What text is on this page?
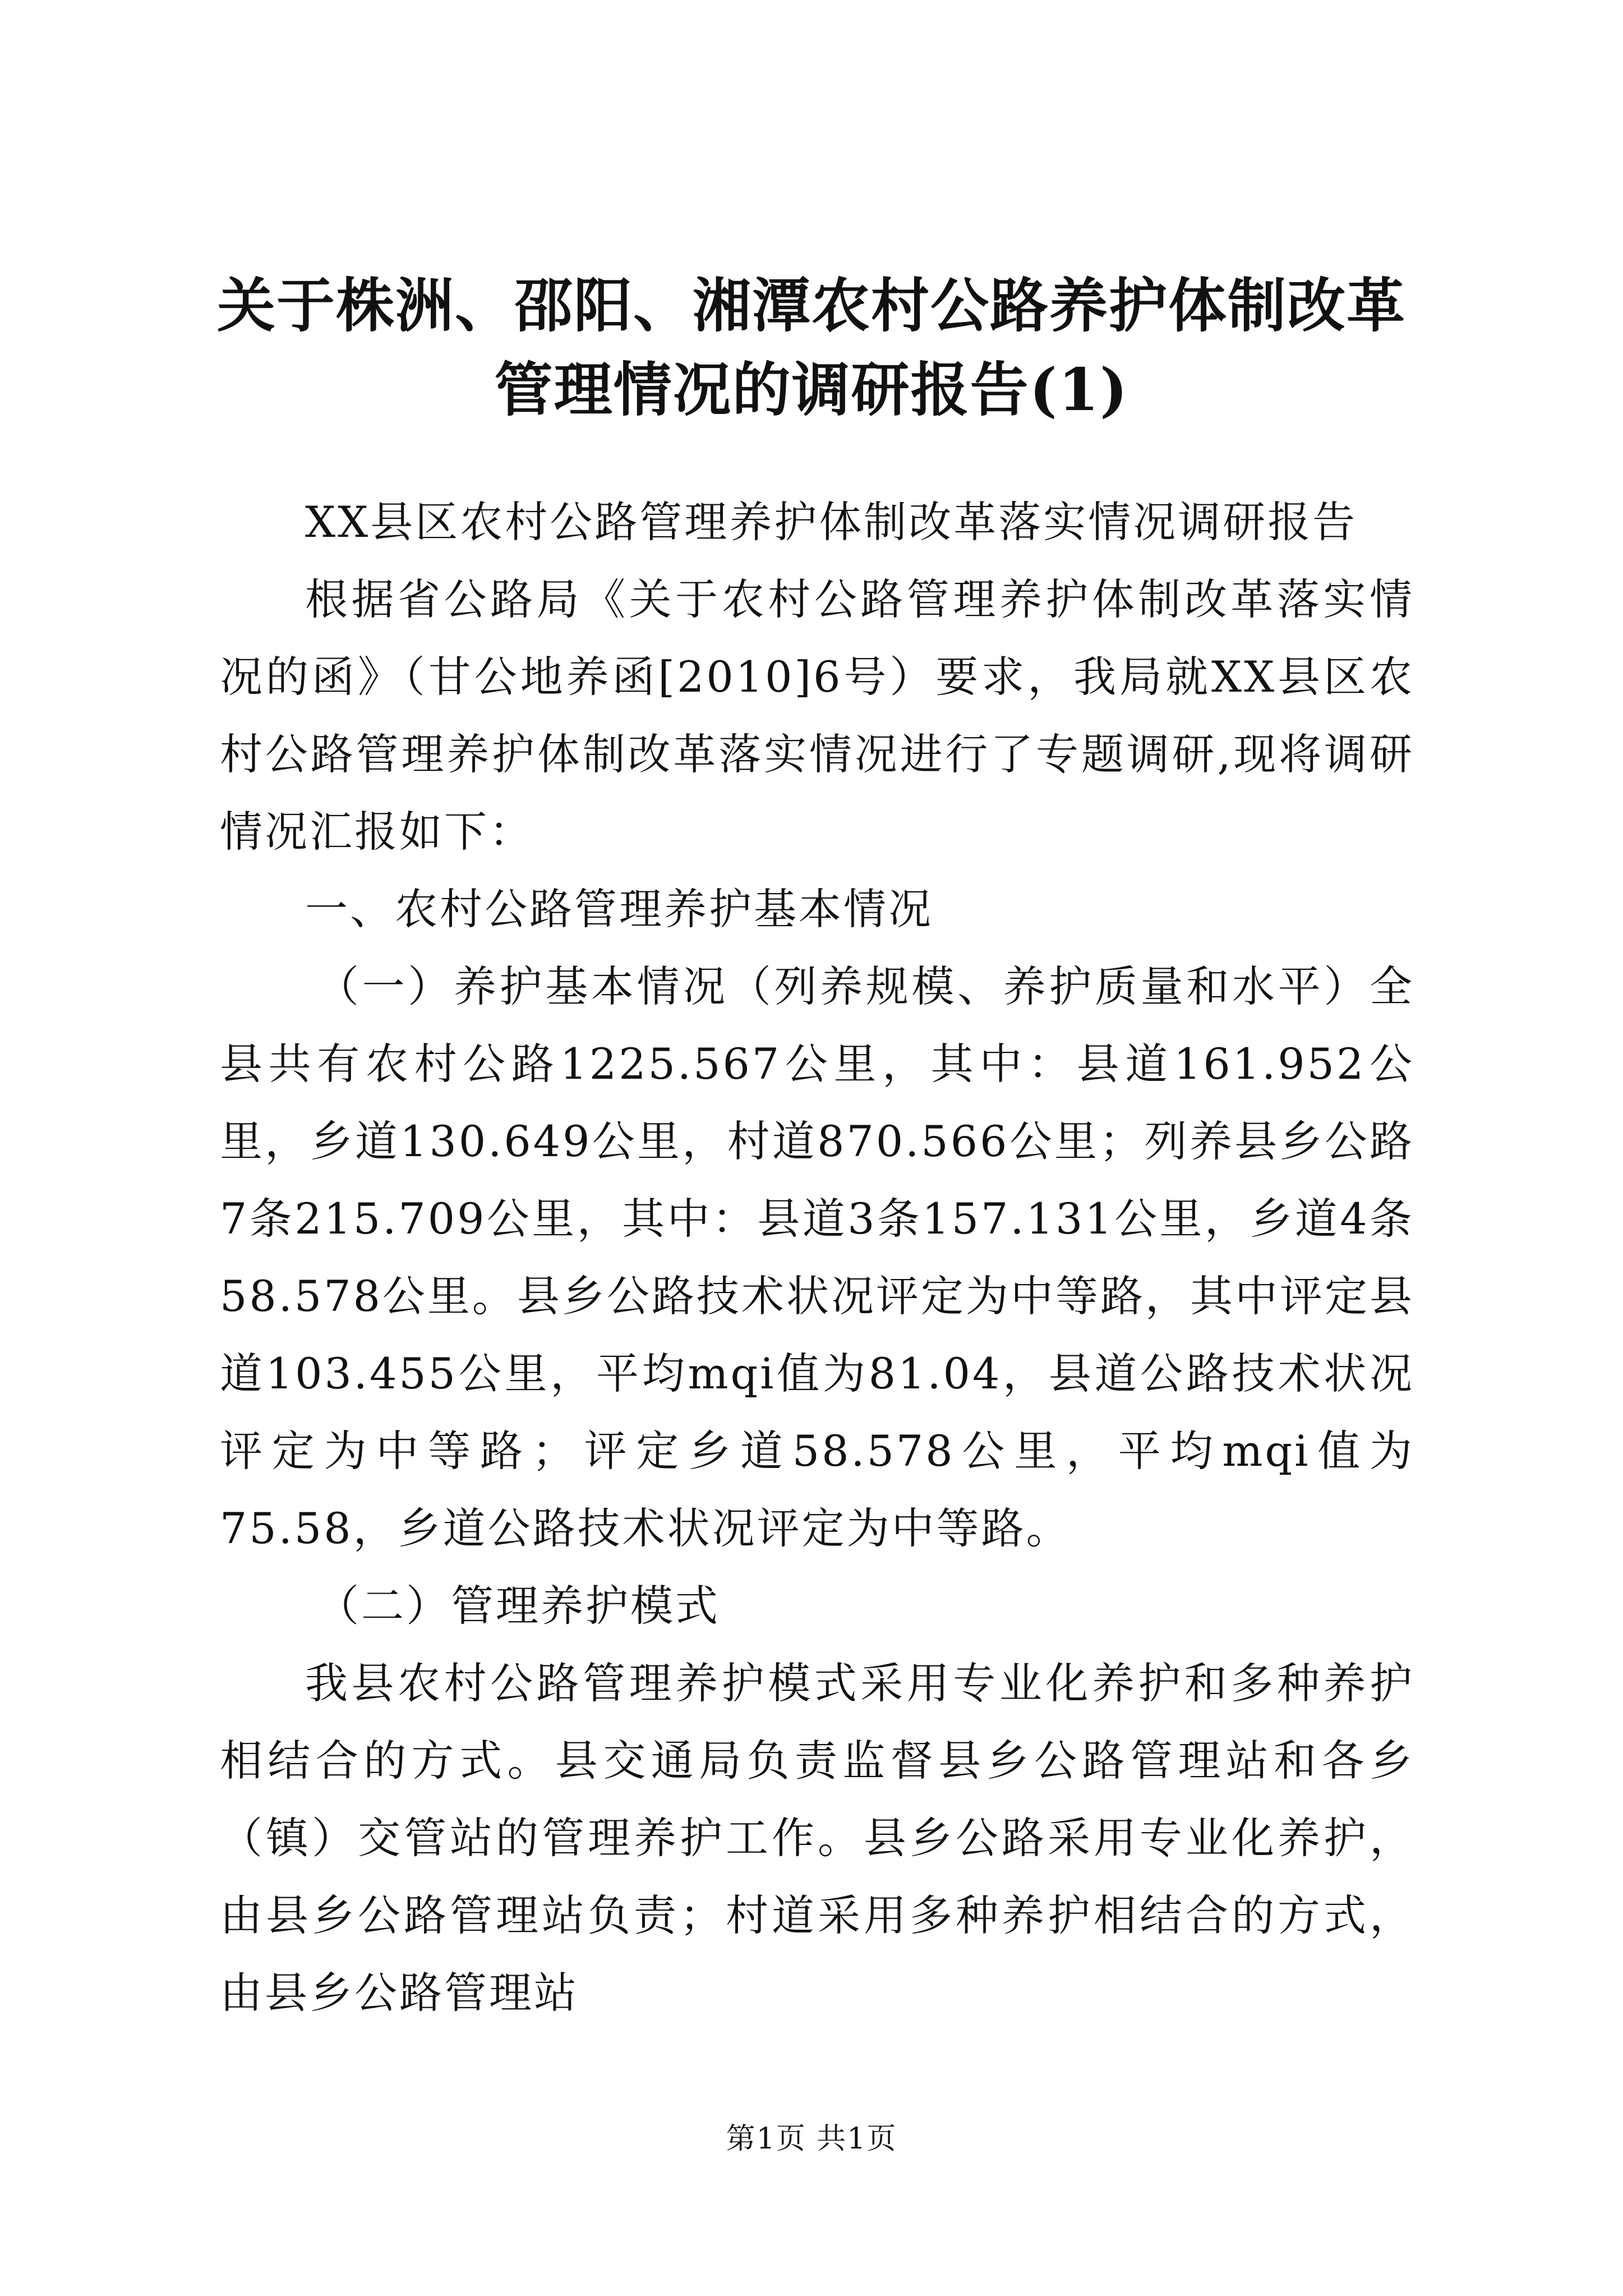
关于株洲、邵阳、湘潭农村公路养护体制改革
管理情况的调研报告(1)

XX县区农村公路管理养护体制改革落实情况调研报告

根据省公路局《关于农村公路管理养护体制改革落实情况的函》（甘公地养函[2010]6号）要求，我局就XX县区农村公路管理养护体制改革落实情况进行了专题调研,现将调研情况汇报如下：

一、农村公路管理养护基本情况

（一）养护基本情况（列养规模、养护质量和水平）全县共有农村公路1225.567公里，其中：县道161.952公里，乡道130.649公里，村道870.566公里；列养县乡公路7条215.709公里，其中：县道3条157.131公里，乡道4条58.578公里。县乡公路技术状况评定为中等路，其中评定县道103.455公里，平均mqi值为81.04，县道公路技术状况评定为中等路；评定乡道58.578公里，平均mqi值为75.58，乡道公路技术状况评定为中等路。

（二）管理养护模式

我县农村公路管理养护模式采用专业化养护和多种养护相结合的方式。县交通局负责监督县乡公路管理站和各乡（镇）交管站的管理养护工作。县乡公路采用专业化养护，由县乡公路管理站负责；村道采用多种养护相结合的方式，由县乡公路管理站

第1页 共1页
